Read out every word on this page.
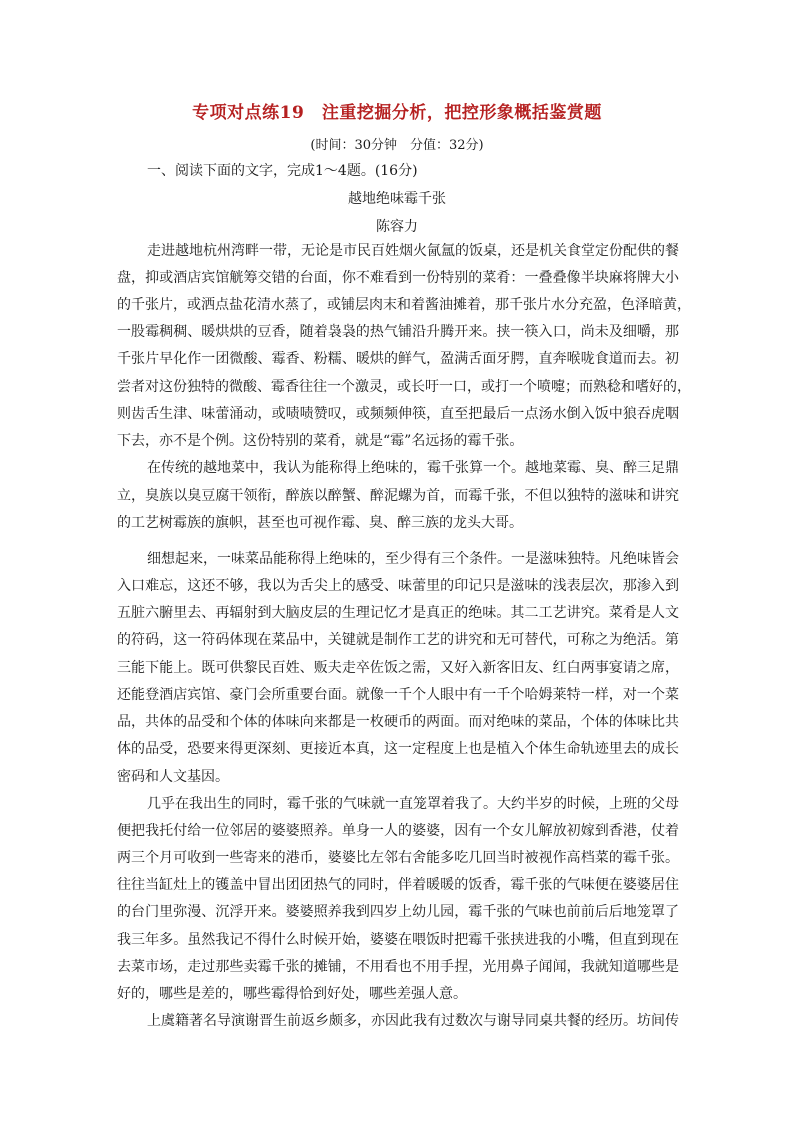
专项对点练19　注重挖掘分析，把控形象概括鉴赏题
(时间：30分钟　分值：32分)
一、阅读下面的文字，完成1～4题。(16分)
越地绝味霉千张
陈容力
走进越地杭州湾畔一带，无论是市民百姓烟火氤氲的饭桌，还是机关食堂定份配供的餐
盘，抑或酒店宾馆觥筹交错的台面，你不难看到一份特别的菜肴：一叠叠像半块麻将牌大小
的千张片，或洒点盐花清水蒸了，或铺层肉末和着酱油摊着，那千张片水分充盈，色泽暗黄，
一股霉稠稠、暖烘烘的豆香，随着袅袅的热气铺沿升腾开来。挟一筷入口，尚未及细嚼，那
千张片早化作一团微酸、霉香、粉糯、暖烘的鲜气，盈满舌面牙腭，直奔喉咙食道而去。初
尝者对这份独特的微酸、霉香往往一个激灵，或长吁一口，或打一个喷嚏；而熟稔和嗜好的，
则齿舌生津、味蕾涌动，或啧啧赞叹，或频频伸筷，直至把最后一点汤水倒入饭中狼吞虎咽
下去，亦不是个例。这份特别的菜肴，就是“霉”名远扬的霉千张。
在传统的越地菜中，我认为能称得上绝味的，霉千张算一个。越地菜霉、臭、醉三足鼎
立，臭族以臭豆腐干领衔，醉族以醉蟹、醉泥螺为首，而霉千张，不但以独特的滋味和讲究
的工艺树霉族的旗帜，甚至也可视作霉、臭、醉三族的龙头大哥。
细想起来，一味菜品能称得上绝味的，至少得有三个条件。一是滋味独特。凡绝味皆会
入口难忘，这还不够，我以为舌尖上的感受、味蕾里的印记只是滋味的浅表层次，那渗入到
五脏六腑里去、再辐射到大脑皮层的生理记忆才是真正的绝味。其二工艺讲究。菜肴是人文
的符码，这一符码体现在菜品中，关键就是制作工艺的讲究和无可替代，可称之为绝活。第
三能下能上。既可供黎民百姓、贩夫走卒佐饭之需，又好入新客旧友、红白两事宴请之席，
还能登酒店宾馆、豪门会所重要台面。就像一千个人眼中有一千个哈姆莱特一样，对一个菜
品，共体的品受和个体的体味向来都是一枚硬币的两面。而对绝味的菜品，个体的体味比共
体的品受，恐要来得更深刻、更接近本真，这一定程度上也是植入个体生命轨迹里去的成长
密码和人文基因。
几乎在我出生的同时，霉千张的气味就一直笼罩着我了。大约半岁的时候，上班的父母
便把我托付给一位邻居的婆婆照养。单身一人的婆婆，因有一个女儿解放初嫁到香港，仗着
两三个月可收到一些寄来的港币，婆婆比左邻右舍能多吃几回当时被视作高档菜的霉千张。
往往当缸灶上的镬盖中冒出团团热气的同时，伴着暖暖的饭香，霉千张的气味便在婆婆居住
的台门里弥漫、沉浮开来。婆婆照养我到四岁上幼儿园，霉千张的气味也前前后后地笼罩了
我三年多。虽然我记不得什么时候开始，婆婆在喂饭时把霉千张挟进我的小嘴，但直到现在
去菜市场，走过那些卖霉千张的摊铺，不用看也不用手捏，光用鼻子闻闻，我就知道哪些是
好的，哪些是差的，哪些霉得恰到好处，哪些差强人意。
上虞籍著名导演谢晋生前返乡颇多，亦因此我有过数次与谢导同桌共餐的经历。坊间传
